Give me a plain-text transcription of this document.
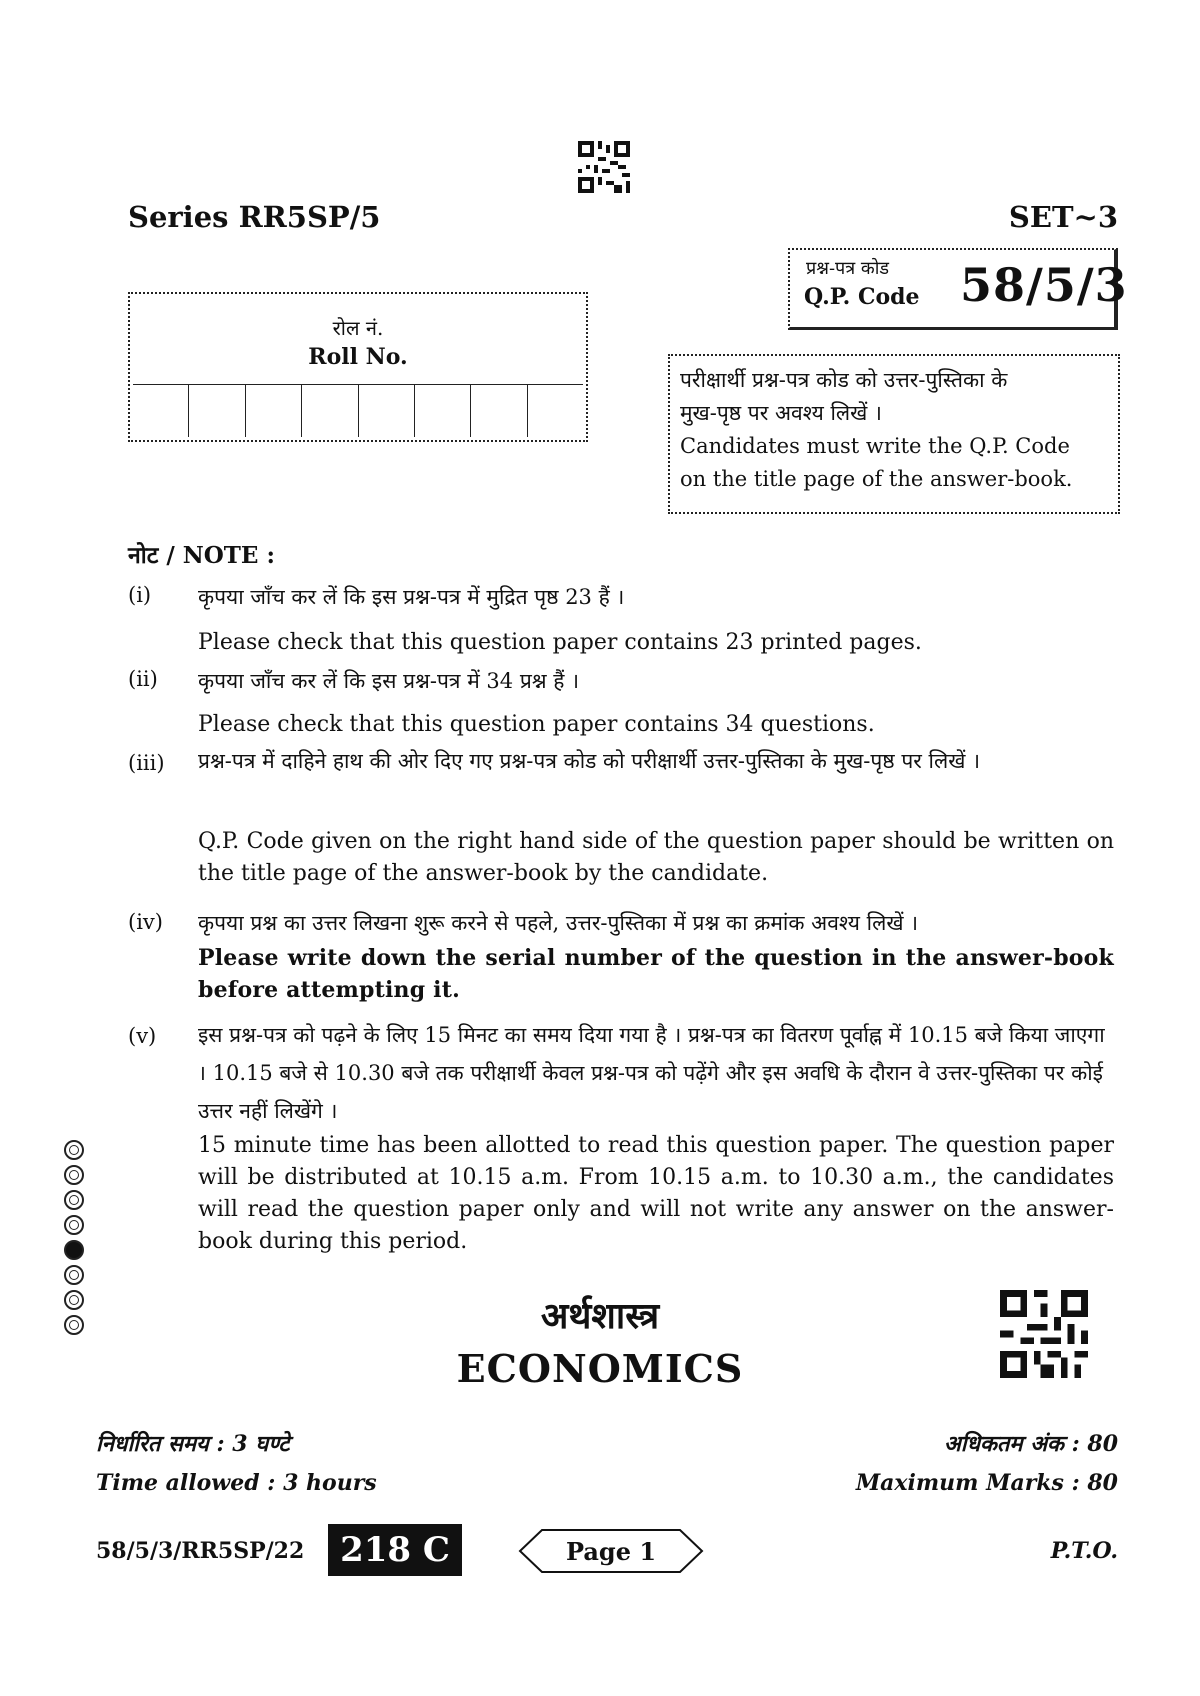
Series RR5SP/5	SET~3
प्रश्न-पत्र कोड
Q.P. Code 58/5/3
रोल नं.
Roll No.

परीक्षार्थी प्रश्न-पत्र कोड को उत्तर-पुस्तिका के

मुख-पृष्ठ पर अवश्य लिखें ।

Candidates must write the Q.P. Code

on the title page of the answer-book.

नोट / NOTE :
(i) कृपया जाँच कर लें कि इस प्रश्न-पत्र में मुद्रित पृष्ठ 23 हैं ।
Please check that this question paper contains 23 printed pages.
(ii) कृपया जाँच कर लें कि इस प्रश्न-पत्र में 34 प्रश्न हैं ।
Please check that this question paper contains 34 questions.
(iii) प्रश्न-पत्र में दाहिने हाथ की ओर दिए गए प्रश्न-पत्र कोड को परीक्षार्थी उत्तर-पुस्तिका के मुख-पृष्ठ पर लिखें ।
Q.P. Code given on the right hand side of the question paper should be written on the title page of the answer-book by the candidate.
(iv) कृपया प्रश्न का उत्तर लिखना शुरू करने से पहले, उत्तर-पुस्तिका में प्रश्न का क्रमांक अवश्य लिखें ।
Please write down the serial number of the question in the answer-book before attempting it.
(v) इस प्रश्न-पत्र को पढ़ने के लिए 15 मिनट का समय दिया गया है । प्रश्न-पत्र का वितरण पूर्वाह्न में 10.15 बजे किया जाएगा । 10.15 बजे से 10.30 बजे तक परीक्षार्थी केवल प्रश्न-पत्र को पढ़ेंगे और इस अवधि के दौरान वे उत्तर-पुस्तिका पर कोई उत्तर नहीं लिखेंगे ।
15 minute time has been allotted to read this question paper. The question paper will be distributed at 10.15 a.m. From 10.15 a.m. to 10.30 a.m., the candidates will read the question paper only and will not write any answer on the answer-book during this period.
अर्थशास्त्र
ECONOMICS
निर्धारित समय : 3 घण्टे
Time allowed : 3 hours
अधिकतम अंक : 80
Maximum Marks : 80
58/5/3/RR5SP/22	218 C	Page 1	P.T.O.
